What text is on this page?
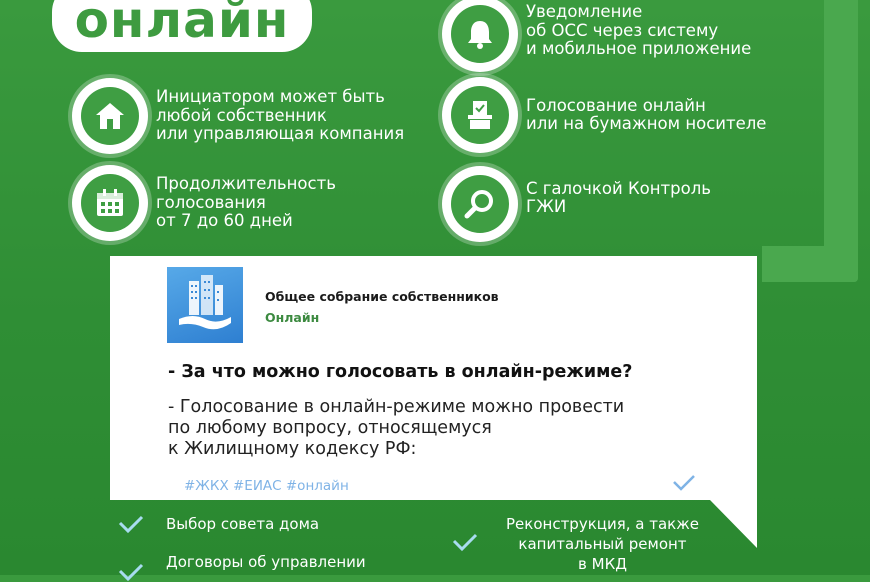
онлайн
Инициатором может быть
любой собственник
или управляющая компания
Продолжительность
голосования
от 7 до 60 дней
Уведомление
об ОСС через систему
и мобильное приложение
Голосование онлайн
или на бумажном носителе
С галочкой Контроль
ГЖИ
Общее собрание собственников
Онлайн
- За что можно голосовать в онлайн-режиме?
- Голосование в онлайн-режиме можно провести
по любому вопросу, относящемуся
к Жилищному кодексу РФ:
#ЖКХ #ЕИАС #онлайн
Выбор совета дома
Договоры об управлении
Реконструкция, а также
капитальный ремонт
в МКД
